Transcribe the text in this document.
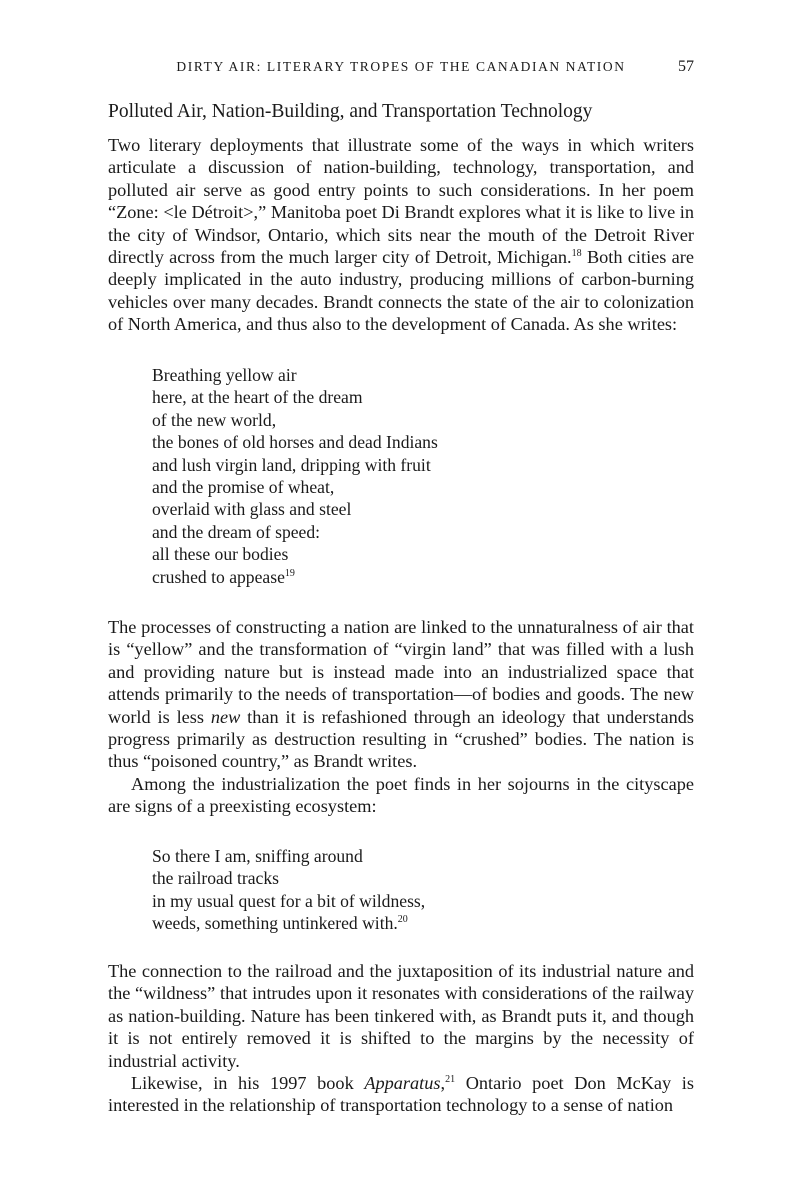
DIRTY AIR: LITERARY TROPES OF THE CANADIAN NATION	57
Polluted Air, Nation-Building, and Transportation Technology

Two literary deployments that illustrate some of the ways in which writers articulate a discussion of nation-building, technology, transportation, and polluted air serve as good entry points to such considerations. In her poem “Zone: <le Détroit>,” Manitoba poet Di Brandt explores what it is like to live in the city of Windsor, Ontario, which sits near the mouth of the Detroit River directly across from the much larger city of Detroit, Michigan.$^{18}$ Both cities are deeply implicated in the auto industry, producing millions of carbon-burning vehicles over many decades. Brandt connects the state of the air to colonization of North America, and thus also to the development of Canada. As she writes:

Breathing yellow air
here, at the heart of the dream
of the new world,
the bones of old horses and dead Indians
and lush virgin land, dripping with fruit
and the promise of wheat,
overlaid with glass and steel
and the dream of speed:
all these our bodies
crushed to appease$^{19}$

The processes of constructing a nation are linked to the unnaturalness of air that is “yellow” and the transformation of “virgin land” that was filled with a lush and providing nature but is instead made into an industrialized space that attends primarily to the needs of transportation—of bodies and goods. The new world is less new than it is refashioned through an ideology that understands progress primarily as destruction resulting in “crushed” bodies. The nation is thus “poisoned country,” as Brandt writes.

Among the industrialization the poet finds in her sojourns in the cityscape are signs of a preexisting ecosystem:

So there I am, sniffing around
the railroad tracks
in my usual quest for a bit of wildness,
weeds, something untinkered with.$^{20}$

The connection to the railroad and the juxtaposition of its industrial nature and the “wildness” that intrudes upon it resonates with considerations of the railway as nation-building. Nature has been tinkered with, as Brandt puts it, and though it is not entirely removed it is shifted to the margins by the necessity of industrial activity.

Likewise, in his 1997 book Apparatus,$^{21}$ Ontario poet Don McKay is interested in the relationship of transportation technology to a sense of nation
